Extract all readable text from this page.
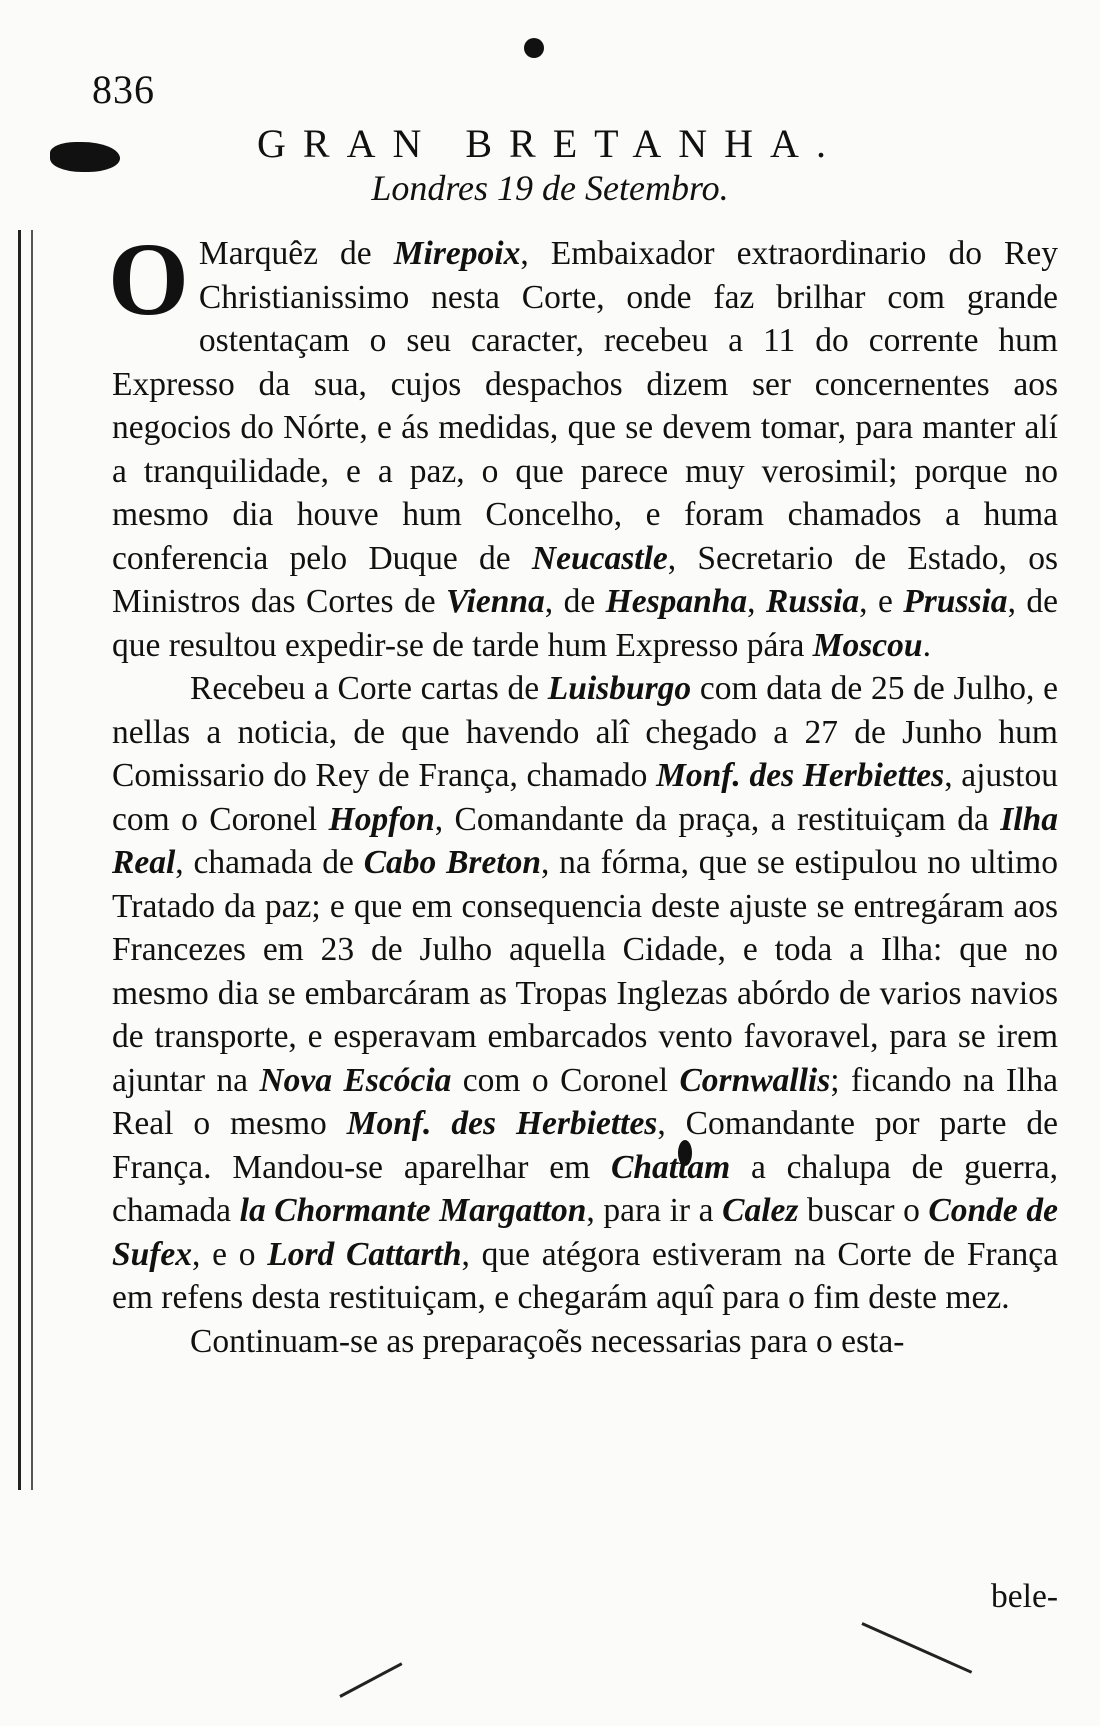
836
GRAN BRETANHA.
Londres 19 de Setembro.

O Marquêz de Mirepoix, Embaixador extraordinario do Rey Christianissimo nesta Corte, onde faz brilhar com grande ostentaçam o seu caracter, recebeu a 11 do corrente hum Expresso da sua, cujos despachos dizem ser concernentes aos negocios do Nórte, e ás medidas, que se devem tomar, para manter alí a tranquilidade, e a paz, o que parece muy verosimil; porque no mesmo dia houve hum Concelho, e foram chamados a huma conferencia pelo Duque de Neucastle, Secretario de Estado, os Ministros das Cortes de Vienna, de Hespanha, Russia, e Prussia, de que resultou expedir-se de tarde hum Expresso pára Moscou.

Recebeu a Corte cartas de Luisburgo com data de 25 de Julho, e nellas a noticia, de que havendo alî chegado a 27 de Junho hum Comissario do Rey de França, chamado Monf. des Herbiettes, ajustou com o Coronel Hopfon, Comandante da praça, a restituiçam da Ilha Real, chamada de Cabo Breton, na fórma, que se estipulou no ultimo Tratado da paz; e que em consequencia deste ajuste se entregáram aos Francezes em 23 de Julho aquella Cidade, e toda a Ilha: que no mesmo dia se embarcáram as Tropas Inglezas abórdo de varios navios de transporte, e esperavam embarcados vento favoravel, para se irem ajuntar na Nova Escócia com o Coronel Cornwallis; ficando na Ilha Real o mesmo Monf. des Herbiettes, Comandante por parte de França. Mandou-se aparelhar em Chattam a chalupa de guerra, chamada la Chormante Margatton, para ir a Calez buscar o Conde de Sufex, e o Lord Cattarth, que atégora estiveram na Corte de França em refens desta restituiçam, e chegarám aquî para o fim deste mez.

Continuam-se as preparaçoẽs necessarias para o esta-

bele-
